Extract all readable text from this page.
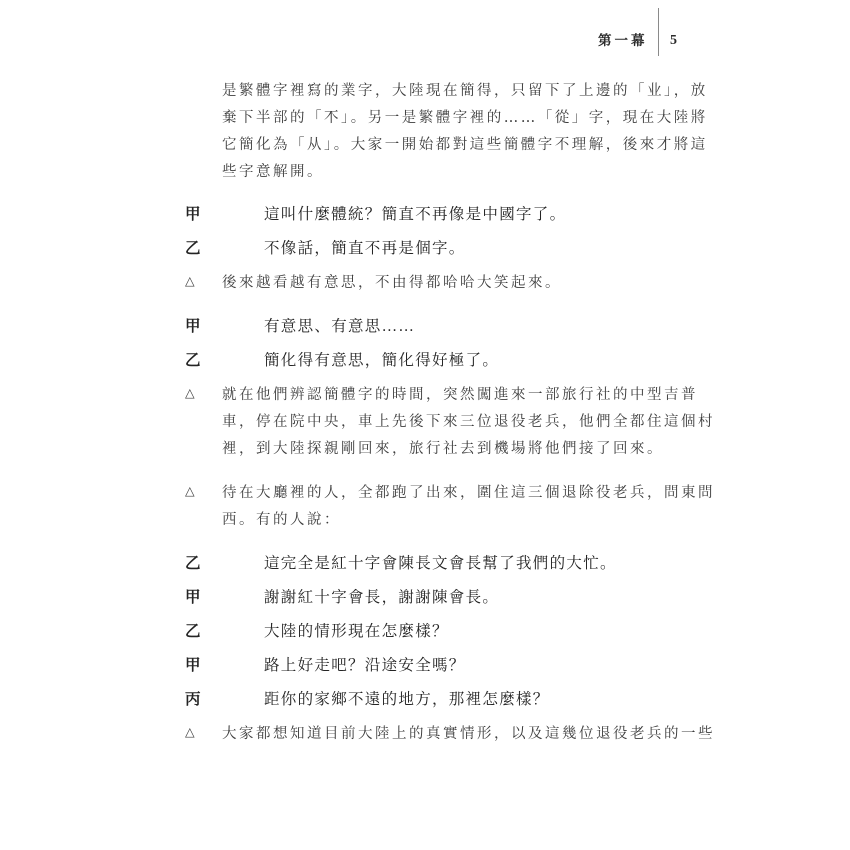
第一幕 5
是繁體字裡寫的業字，大陸現在簡得，只留下了上邊的「业」，放
棄下半部的「𣎴」。另一是繁體字裡的……「從」字，現在大陸將
它簡化為「从」。大家一開始都對這些簡體字不理解，後來才將這
些字意解開。
甲	這叫什麼體統？簡直不再像是中國字了。
乙	不像話，簡直不再是個字。
△	後來越看越有意思，不由得都哈哈大笑起來。
甲	有意思、有意思……
乙	簡化得有意思，簡化得好極了。
△	就在他們辨認簡體字的時間，突然闖進來一部旅行社的中型吉普
車，停在院中央，車上先後下來三位退役老兵，他們全都住這個村
裡，到大陸探親剛回來，旅行社去到機場將他們接了回來。
△	待在大廳裡的人，全都跑了出來，圍住這三個退除役老兵，問東問
西。有的人說：
乙	這完全是紅十字會陳長文會長幫了我們的大忙。
甲	謝謝紅十字會長，謝謝陳會長。
乙	大陸的情形現在怎麼樣？
甲	路上好走吧？沿途安全嗎？
丙	距你的家鄉不遠的地方，那裡怎麼樣？
△	大家都想知道目前大陸上的真實情形，以及這幾位退役老兵的一些
